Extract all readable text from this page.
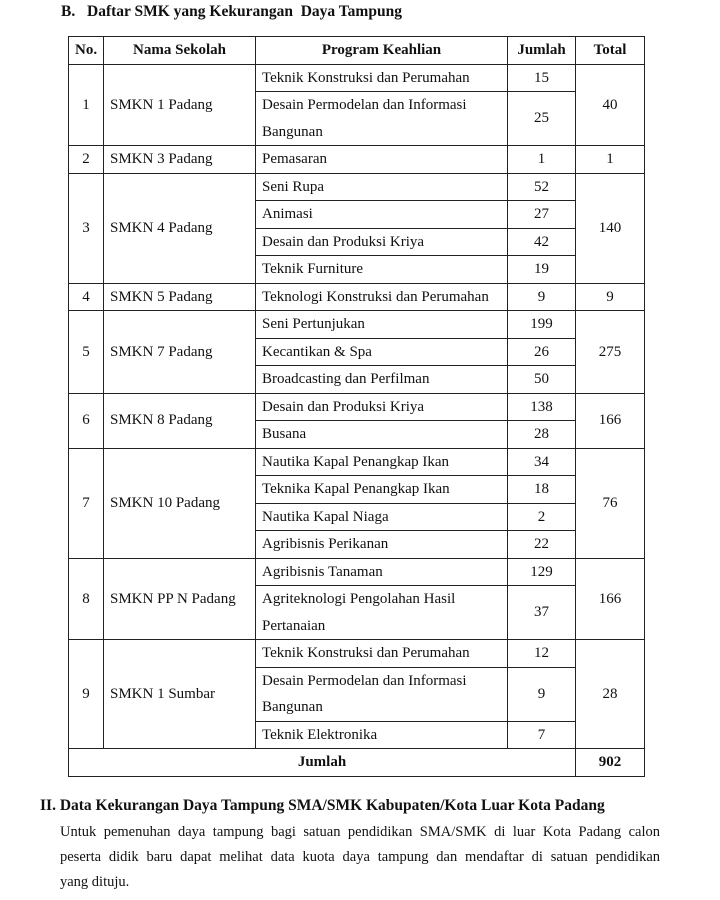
B. Daftar SMK yang Kekurangan  Daya Tampung
No.	Nama Sekolah	Program Keahlian	Jumlah	Total
1	SMKN 1 Padang	Teknik Konstruksi dan Perumahan	15	40
		Desain Permodelan dan Informasi Bangunan	25	
2	SMKN 3 Padang	Pemasaran	1	1
3	SMKN 4 Padang	Seni Rupa	52	140
		Animasi	27	
		Desain dan Produksi Kriya	42	
		Teknik Furniture	19	
4	SMKN 5 Padang	Teknologi Konstruksi dan Perumahan	9	9
5	SMKN 7 Padang	Seni Pertunjukan	199	275
		Kecantikan & Spa	26	
		Broadcasting dan Perfilman	50	
6	SMKN 8 Padang	Desain dan Produksi Kriya	138	166
		Busana	28	
7	SMKN 10 Padang	Nautika Kapal Penangkap Ikan	34	76
		Teknika Kapal Penangkap Ikan	18	
		Nautika Kapal Niaga	2	
		Agribisnis Perikanan	22	
8	SMKN PP N Padang	Agribisnis Tanaman	129	166
		Agriteknologi Pengolahan Hasil Pertanaian	37	
9	SMKN 1 Sumbar	Teknik Konstruksi dan Perumahan	12	28
		Desain Permodelan dan Informasi Bangunan	9	
		Teknik Elektronika	7	
Jumlah				902
II. Data Kekurangan Daya Tampung SMA/SMK Kabupaten/Kota Luar Kota Padang
Untuk pemenuhan daya tampung bagi satuan pendidikan SMA/SMK di luar Kota Padang calon
peserta didik baru dapat melihat data kuota daya tampung dan mendaftar di satuan pendidikan
yang dituju.
